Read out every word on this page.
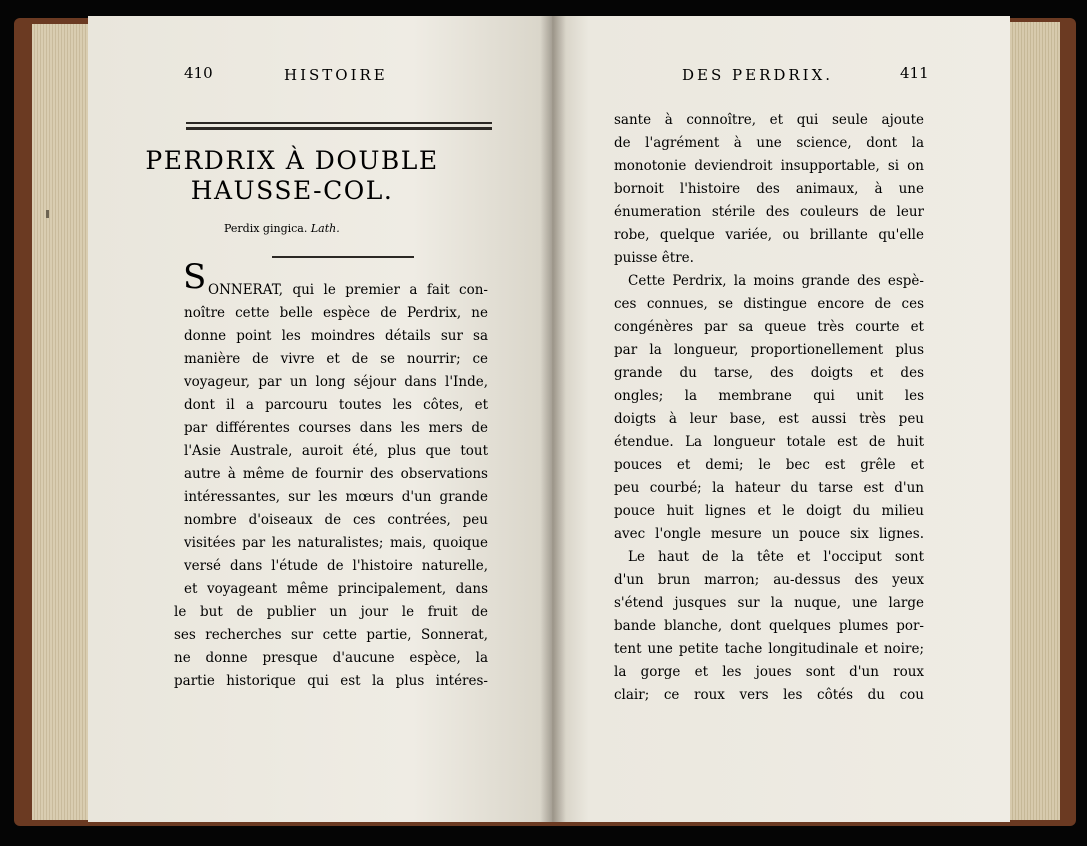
410	HISTOIRE
PERDRIX À DOUBLE
HAUSSE-COL.
Perdix gingica. Lath.
S ONNERAT, qui le premier a fait con-
noître cette belle espèce de Perdrix, ne
donne point les moindres détails sur sa
manière de vivre et de se nourrir; ce
voyageur, par un long séjour dans l'Inde,
dont il a parcouru toutes les côtes, et
par différentes courses dans les mers de
l'Asie Australe, auroit été, plus que tout
autre à même de fournir des observations
intéressantes, sur les mœurs d'un grande
nombre d'oiseaux de ces contrées, peu
visitées par les naturalistes; mais, quoique
versé dans l'étude de l'histoire naturelle,
et voyageant même principalement, dans
le but de publier un jour le fruit de
ses recherches sur cette partie, Sonnerat,
ne donne presque d'aucune espèce, la
partie historique qui est la plus intéres-
DES PERDRIX.	411
sante à connoître, et qui seule ajoute
de l'agrément à une science, dont la
monotonie deviendroit insupportable, si on
bornoit l'histoire des animaux, à une
énumeration stérile des couleurs de leur
robe, quelque variée, ou brillante qu'elle
puisse être.
Cette Perdrix, la moins grande des espè-
ces connues, se distingue encore de ces
congénères par sa queue très courte et
par la longueur, proportionellement plus
grande du tarse, des doigts et des
ongles; la membrane qui unit les
doigts à leur base, est aussi très peu
étendue. La longueur totale est de huit
pouces et demi; le bec est grêle et
peu courbé; la hateur du tarse est d'un
pouce huit lignes et le doigt du milieu
avec l'ongle mesure un pouce six lignes.
Le haut de la tête et l'occiput sont
d'un brun marron; au-dessus des yeux
s'étend jusques sur la nuque, une large
bande blanche, dont quelques plumes por-
tent une petite tache longitudinale et noire;
la gorge et les joues sont d'un roux
clair; ce roux vers les côtés du cou
